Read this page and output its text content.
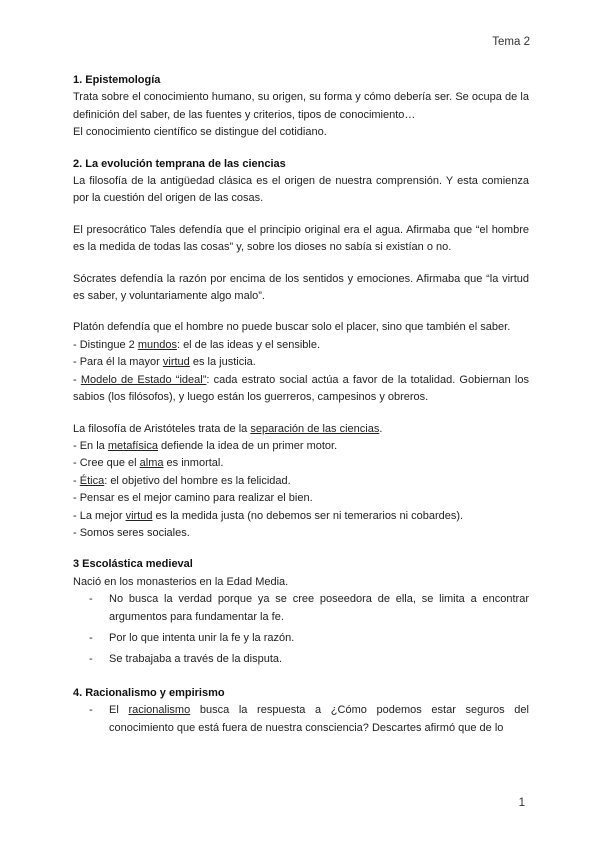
Tema 2
1. Epistemología

Trata sobre el conocimiento humano, su origen, su forma y cómo debería ser. Se ocupa de la definición del saber, de las fuentes y criterios, tipos de conocimiento…

El conocimiento científico se distingue del cotidiano.

2. La evolución temprana de las ciencias

La filosofía de la antigüedad clásica es el origen de nuestra comprensión. Y esta comienza por la cuestión del origen de las cosas.

El presocrático Tales defendía que el principio original era el agua. Afirmaba que “el hombre es la medida de todas las cosas” y, sobre los dioses no sabía si existían o no.

Sócrates defendía la razón por encima de los sentidos y emociones. Afirmaba que “la virtud es saber, y voluntariamente algo malo”.

Platón defendía que el hombre no puede buscar solo el placer, sino que también el saber.

- Distingue 2 mundos: el de las ideas y el sensible.
- Para él la mayor virtud es la justicia.
- Modelo de Estado “ideal”: cada estrato social actúa a favor de la totalidad. Gobiernan los sabios (los filósofos), y luego están los guerreros, campesinos y obreros.

La filosofía de Aristóteles trata de la separación de las ciencias.

- En la metafísica defiende la idea de un primer motor.
- Cree que el alma es inmortal.
- Ética: el objetivo del hombre es la felicidad.
- Pensar es el mejor camino para realizar el bien.
- La mejor virtud es la medida justa (no debemos ser ni temerarios ni cobardes).
- Somos seres sociales.
3 Escolástica medieval

Nació en los monasterios en la Edad Media.

- No busca la verdad porque ya se cree poseedora de ella, se limita a encontrar argumentos para fundamentar la fe.
- Por lo que intenta unir la fe y la razón.
- Se trabajaba a través de la disputa.
4. Racionalismo y empirismo
- El racionalismo busca la respuesta a ¿Cómo podemos estar seguros del conocimiento que está fuera de nuestra consciencia? Descartes afirmó que de lo
1
